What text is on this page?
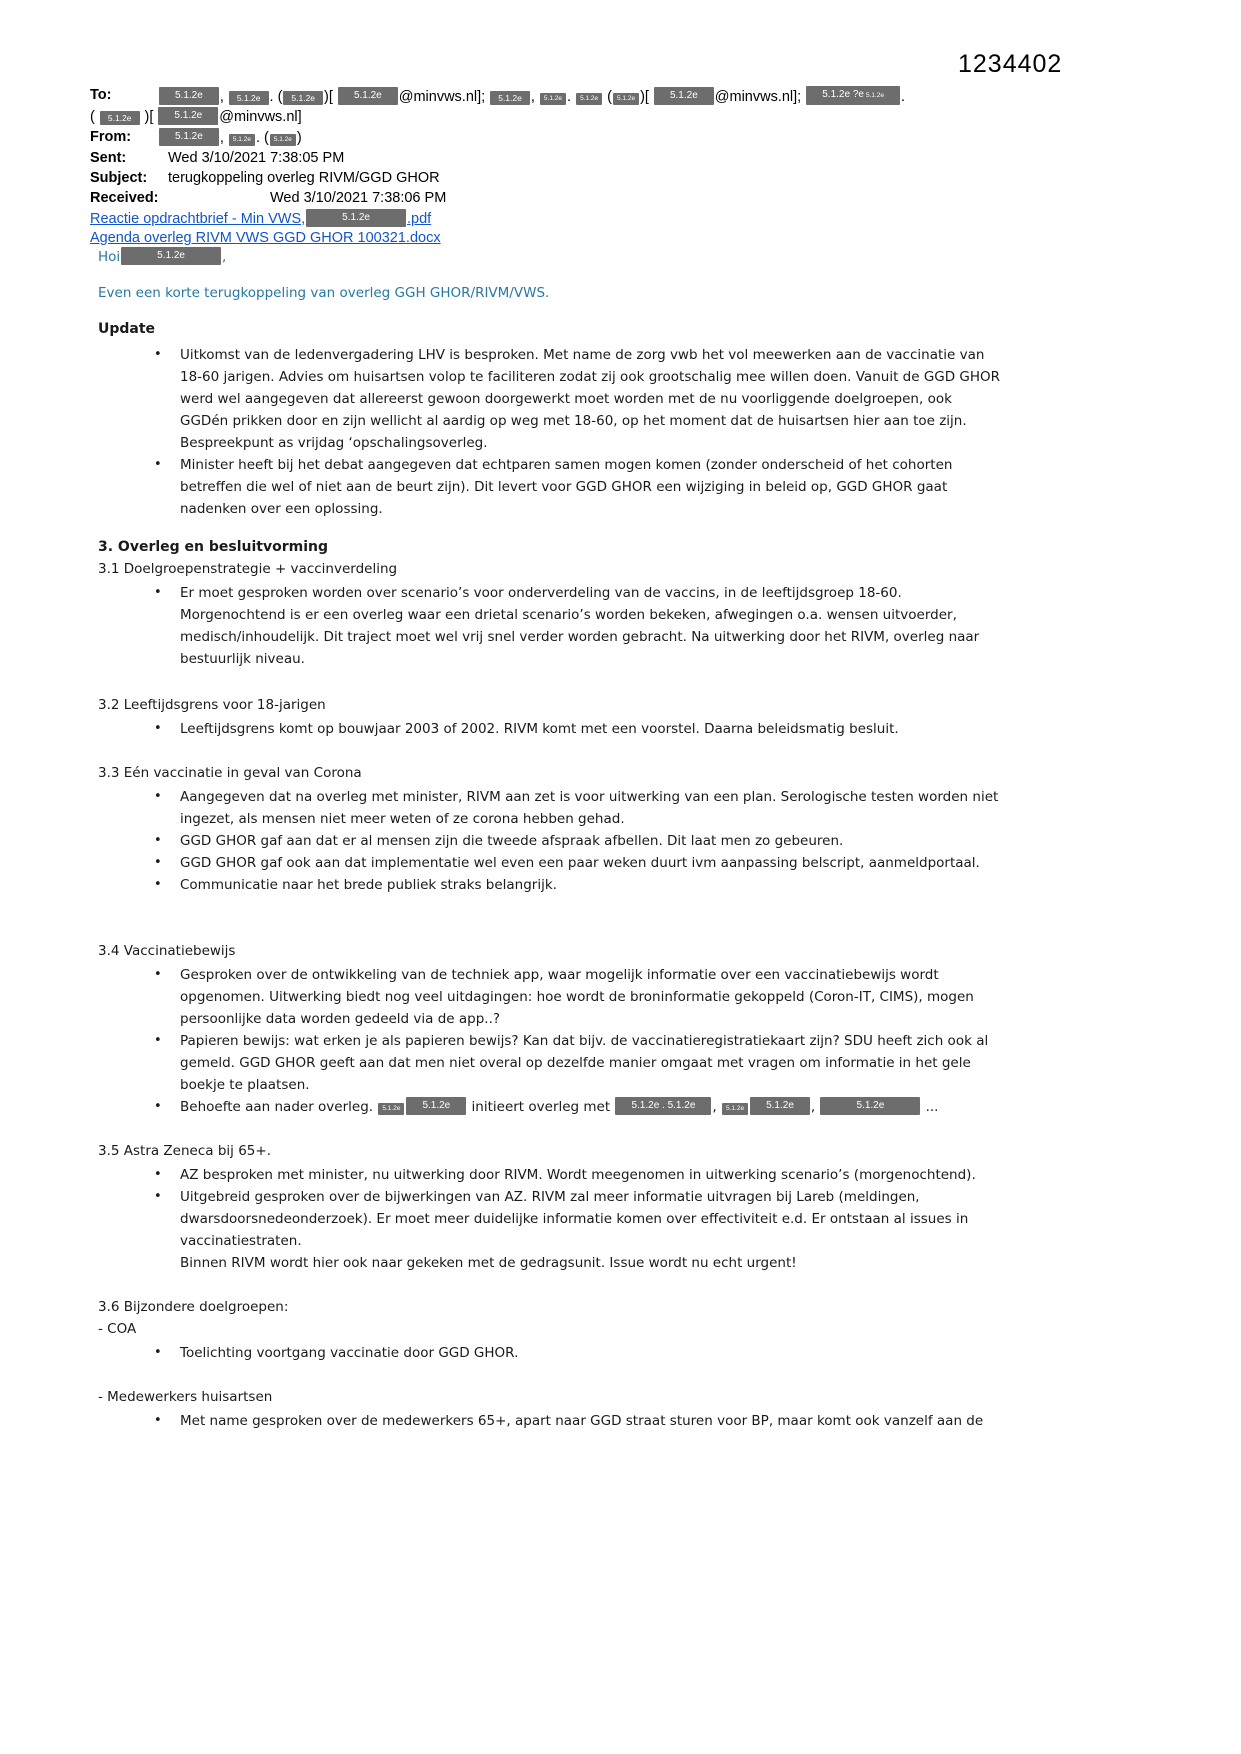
1234402
To:	5.1.2e , 5.1.2e . ( 5.1.2e )[ 5.1.2e @minvws.nl]; 5.1.2e , 5.1.2e . 5.1.2e ( 5.1.2e )[ 5.1.2e @minvws.nl]; 5.1.2e ?e 5.1.2e .
( 5.1.2e )[ 5.1.2e @minvws.nl]
From:	5.1.2e , 5.1.2e . ( 5.1.2e )
Sent:	Wed 3/10/2021 7:38:05 PM
Subject:	terugkoppeling overleg RIVM/GGD GHOR
Received:	Wed 3/10/2021 7:38:06 PM
Reactie opdrachtbrief - Min VWS,	5.1.2e	.pdf
Agenda overleg RIVM VWS GGD GHOR 100321.docx
Hoi	5.1.2e	,
Even een korte terugkoppeling van overleg GGH GHOR/RIVM/VWS.
Update
• Uitkomst van de ledenvergadering LHV is besproken. Met name de zorg vwb het vol meewerken aan de vaccinatie van 18-60 jarigen. Advies om huisartsen volop te faciliteren zodat zij ook grootschalig mee willen doen. Vanuit de GGD GHOR werd wel aangegeven dat allereerst gewoon doorgewerkt moet worden met de nu voorliggende doelgroepen, ook GGDén prikken door en zijn wellicht al aardig op weg met 18-60, op het moment dat de huisartsen hier aan toe zijn. Bespreekpunt as vrijdag ‘opschalingsoverleg.
• Minister heeft bij het debat aangegeven dat echtparen samen mogen komen (zonder onderscheid of het cohorten betreffen die wel of niet aan de beurt zijn). Dit levert voor GGD GHOR een wijziging in beleid op, GGD GHOR gaat nadenken over een oplossing.
3. Overleg en besluitvorming
3.1 Doelgroepenstrategie + vaccinverdeling
• Er moet gesproken worden over scenario’s voor onderverdeling van de vaccins, in de leeftijdsgroep 18-60. Morgenochtend is er een overleg waar een drietal scenario’s worden bekeken, afwegingen o.a. wensen uitvoerder, medisch/inhoudelijk. Dit traject moet wel vrij snel verder worden gebracht. Na uitwerking door het RIVM, overleg naar bestuurlijk niveau.
3.2 Leeftijdsgrens voor 18-jarigen
• Leeftijdsgrens komt op bouwjaar 2003 of 2002. RIVM komt met een voorstel. Daarna beleidsmatig besluit.
3.3 Eén vaccinatie in geval van Corona
• Aangegeven dat na overleg met minister, RIVM aan zet is voor uitwerking van een plan. Serologische testen worden niet ingezet, als mensen niet meer weten of ze corona hebben gehad.
• GGD GHOR gaf aan dat er al mensen zijn die tweede afspraak afbellen. Dit laat men zo gebeuren.
• GGD GHOR gaf ook aan dat implementatie wel even een paar weken duurt ivm aanpassing belscript, aanmeldportaal.
• Communicatie naar het brede publiek straks belangrijk.
3.4 Vaccinatiebewijs
• Gesproken over de ontwikkeling van de techniek app, waar mogelijk informatie over een vaccinatiebewijs wordt opgenomen. Uitwerking biedt nog veel uitdagingen: hoe wordt de broninformatie gekoppeld (Coron-IT, CIMS), mogen persoonlijke data worden gedeeld via de app..?
• Papieren bewijs: wat erken je als papieren bewijs? Kan dat bijv. de vaccinatieregistratiekaart zijn? SDU heeft zich ook al gemeld. GGD GHOR geeft aan dat men niet overal op dezelfde manier omgaat met vragen om informatie in het gele boekje te plaatsen.
• Behoefte aan nader overleg. 5.1.2e 5.1.2e initieert overleg met 5.1.2e . 5.1.2e , 5.1.2e 5.1.2e ,	5.1.2e	...
3.5 Astra Zeneca bij 65+.
• AZ besproken met minister, nu uitwerking door RIVM. Wordt meegenomen in uitwerking scenario’s (morgenochtend).
• Uitgebreid gesproken over de bijwerkingen van AZ. RIVM zal meer informatie uitvragen bij Lareb (meldingen, dwarsdoorsnedeonderzoek). Er moet meer duidelijke informatie komen over effectiviteit e.d. Er ontstaan al issues in vaccinatiestraten.
Binnen RIVM wordt hier ook naar gekeken met de gedragsunit. Issue wordt nu echt urgent!
3.6 Bijzondere doelgroepen:
- COA
• Toelichting voortgang vaccinatie door GGD GHOR.
- Medewerkers huisartsen
• Met name gesproken over de medewerkers 65+, apart naar GGD straat sturen voor BP, maar komt ook vanzelf aan de
